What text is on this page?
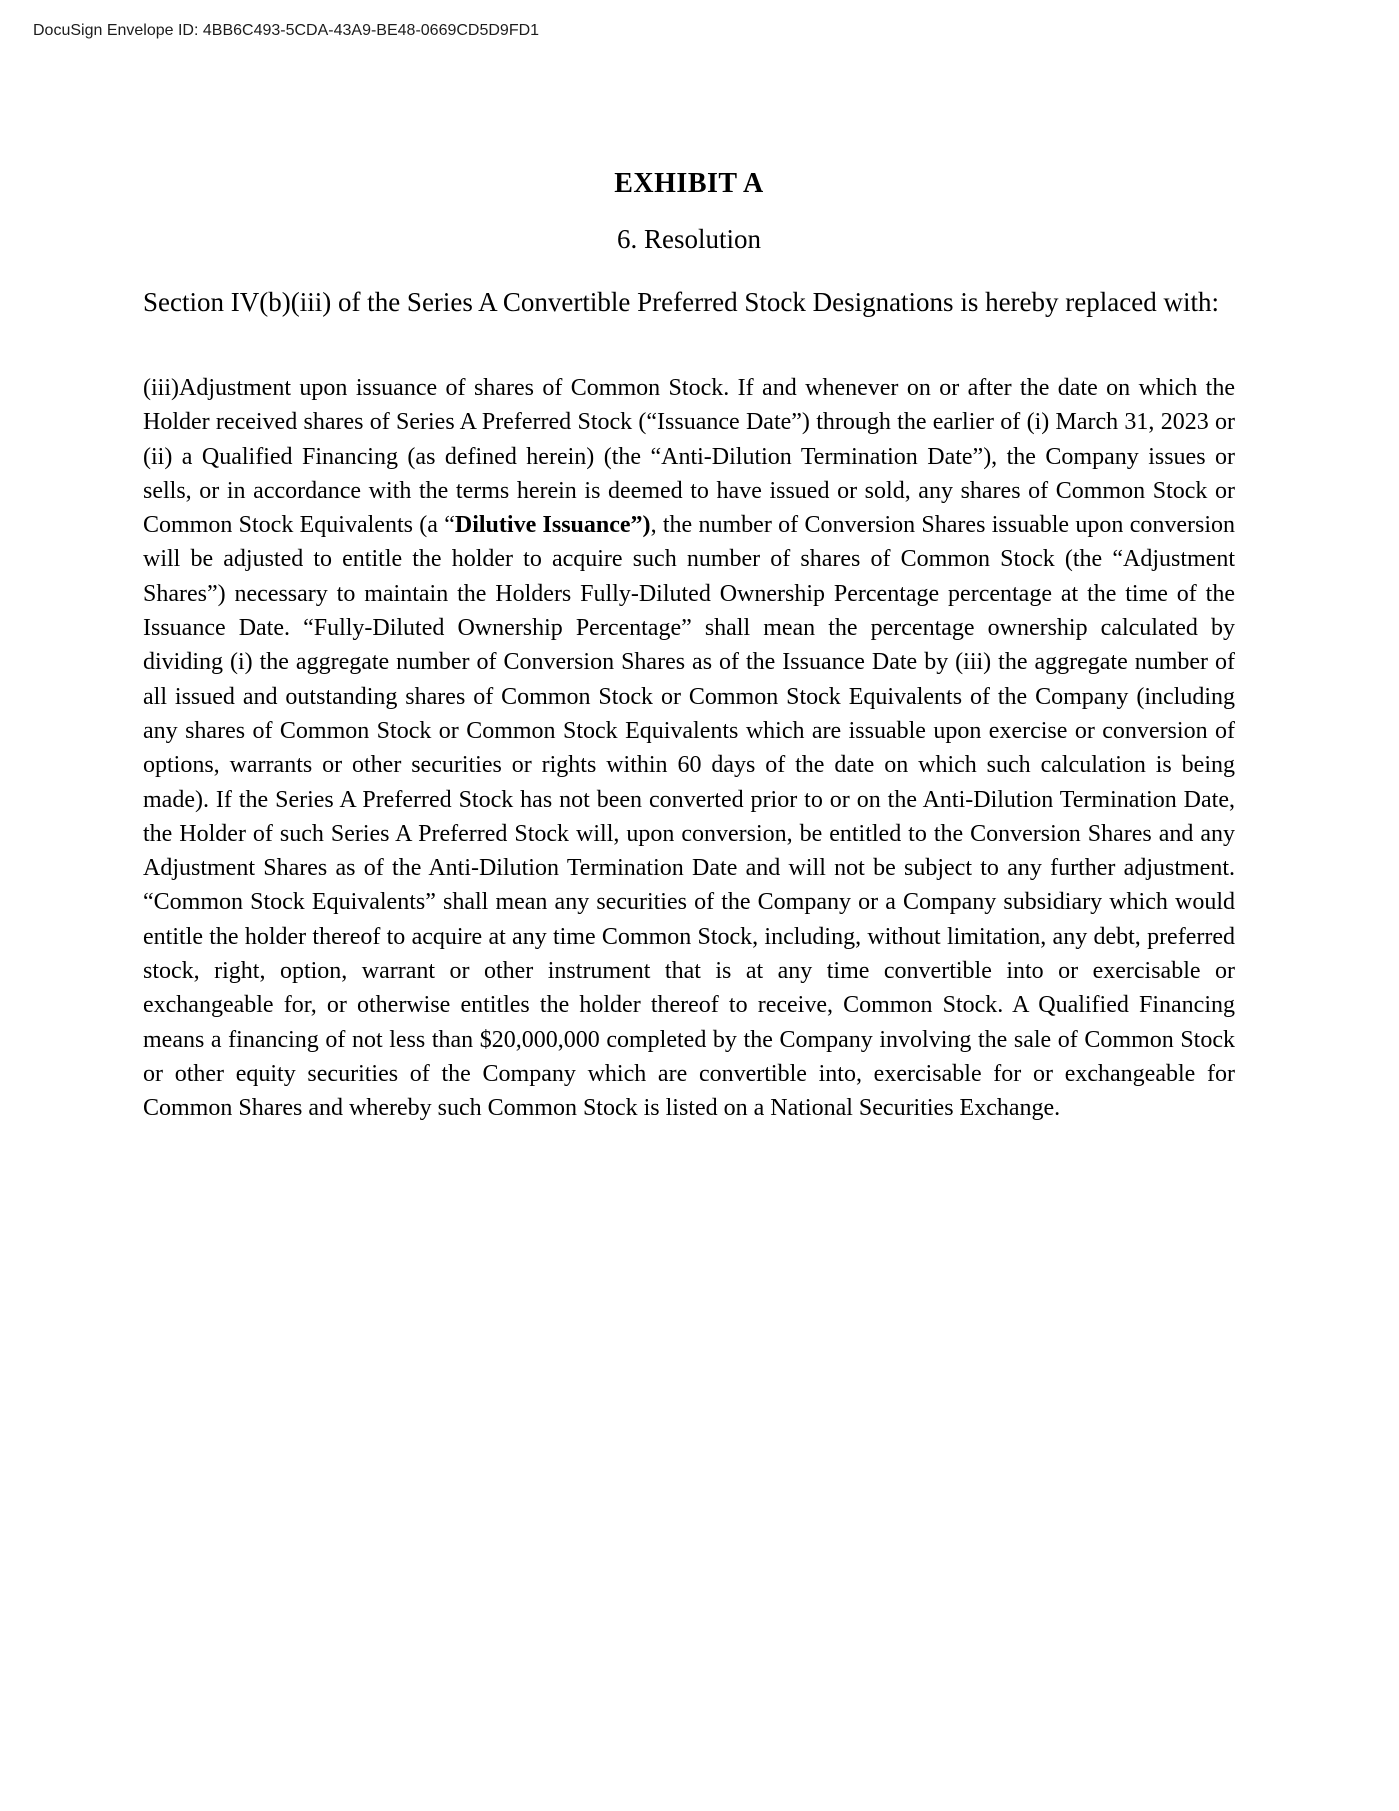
DocuSign Envelope ID: 4BB6C493-5CDA-43A9-BE48-0669CD5D9FD1
EXHIBIT A
6. Resolution

Section IV(b)(iii) of the Series A Convertible Preferred Stock Designations is hereby replaced with:

(iii)Adjustment upon issuance of shares of Common Stock. If and whenever on or after the date on which the Holder received shares of Series A Preferred Stock (“Issuance Date”) through the earlier of (i) March 31, 2023 or (ii) a Qualified Financing (as defined herein) (the “Anti-Dilution Termination Date”), the Company issues or sells, or in accordance with the terms herein is deemed to have issued or sold, any shares of Common Stock or Common Stock Equivalents (a “Dilutive Issuance”), the number of Conversion Shares issuable upon conversion will be adjusted to entitle the holder to acquire such number of shares of Common Stock (the “Adjustment Shares”) necessary to maintain the Holders Fully-Diluted Ownership Percentage percentage at the time of the Issuance Date. “Fully-Diluted Ownership Percentage” shall mean the percentage ownership calculated by dividing (i) the aggregate number of Conversion Shares as of the Issuance Date by (iii) the aggregate number of all issued and outstanding shares of Common Stock or Common Stock Equivalents of the Company (including any shares of Common Stock or Common Stock Equivalents which are issuable upon exercise or conversion of options, warrants or other securities or rights within 60 days of the date on which such calculation is being made). If the Series A Preferred Stock has not been converted prior to or on the Anti-Dilution Termination Date, the Holder of such Series A Preferred Stock will, upon conversion, be entitled to the Conversion Shares and any Adjustment Shares as of the Anti-Dilution Termination Date and will not be subject to any further adjustment. “Common Stock Equivalents” shall mean any securities of the Company or a Company subsidiary which would entitle the holder thereof to acquire at any time Common Stock, including, without limitation, any debt, preferred stock, right, option, warrant or other instrument that is at any time convertible into or exercisable or exchangeable for, or otherwise entitles the holder thereof to receive, Common Stock. A Qualified Financing means a financing of not less than $20,000,000 completed by the Company involving the sale of Common Stock or other equity securities of the Company which are convertible into, exercisable for or exchangeable for Common Shares and whereby such Common Stock is listed on a National Securities Exchange.
